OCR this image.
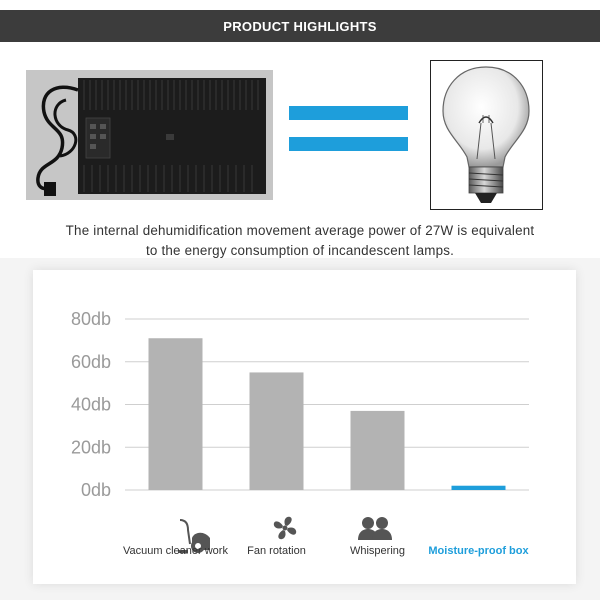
PRODUCT HIGHLIGHTS
The internal dehumidification movement average power of 27W is equivalent
to the energy consumption of incandescent lamps.
0db
20db
40db
60db
80db
Vacuum cleaner work Fan rotation	Whispering Moisture-proof box
